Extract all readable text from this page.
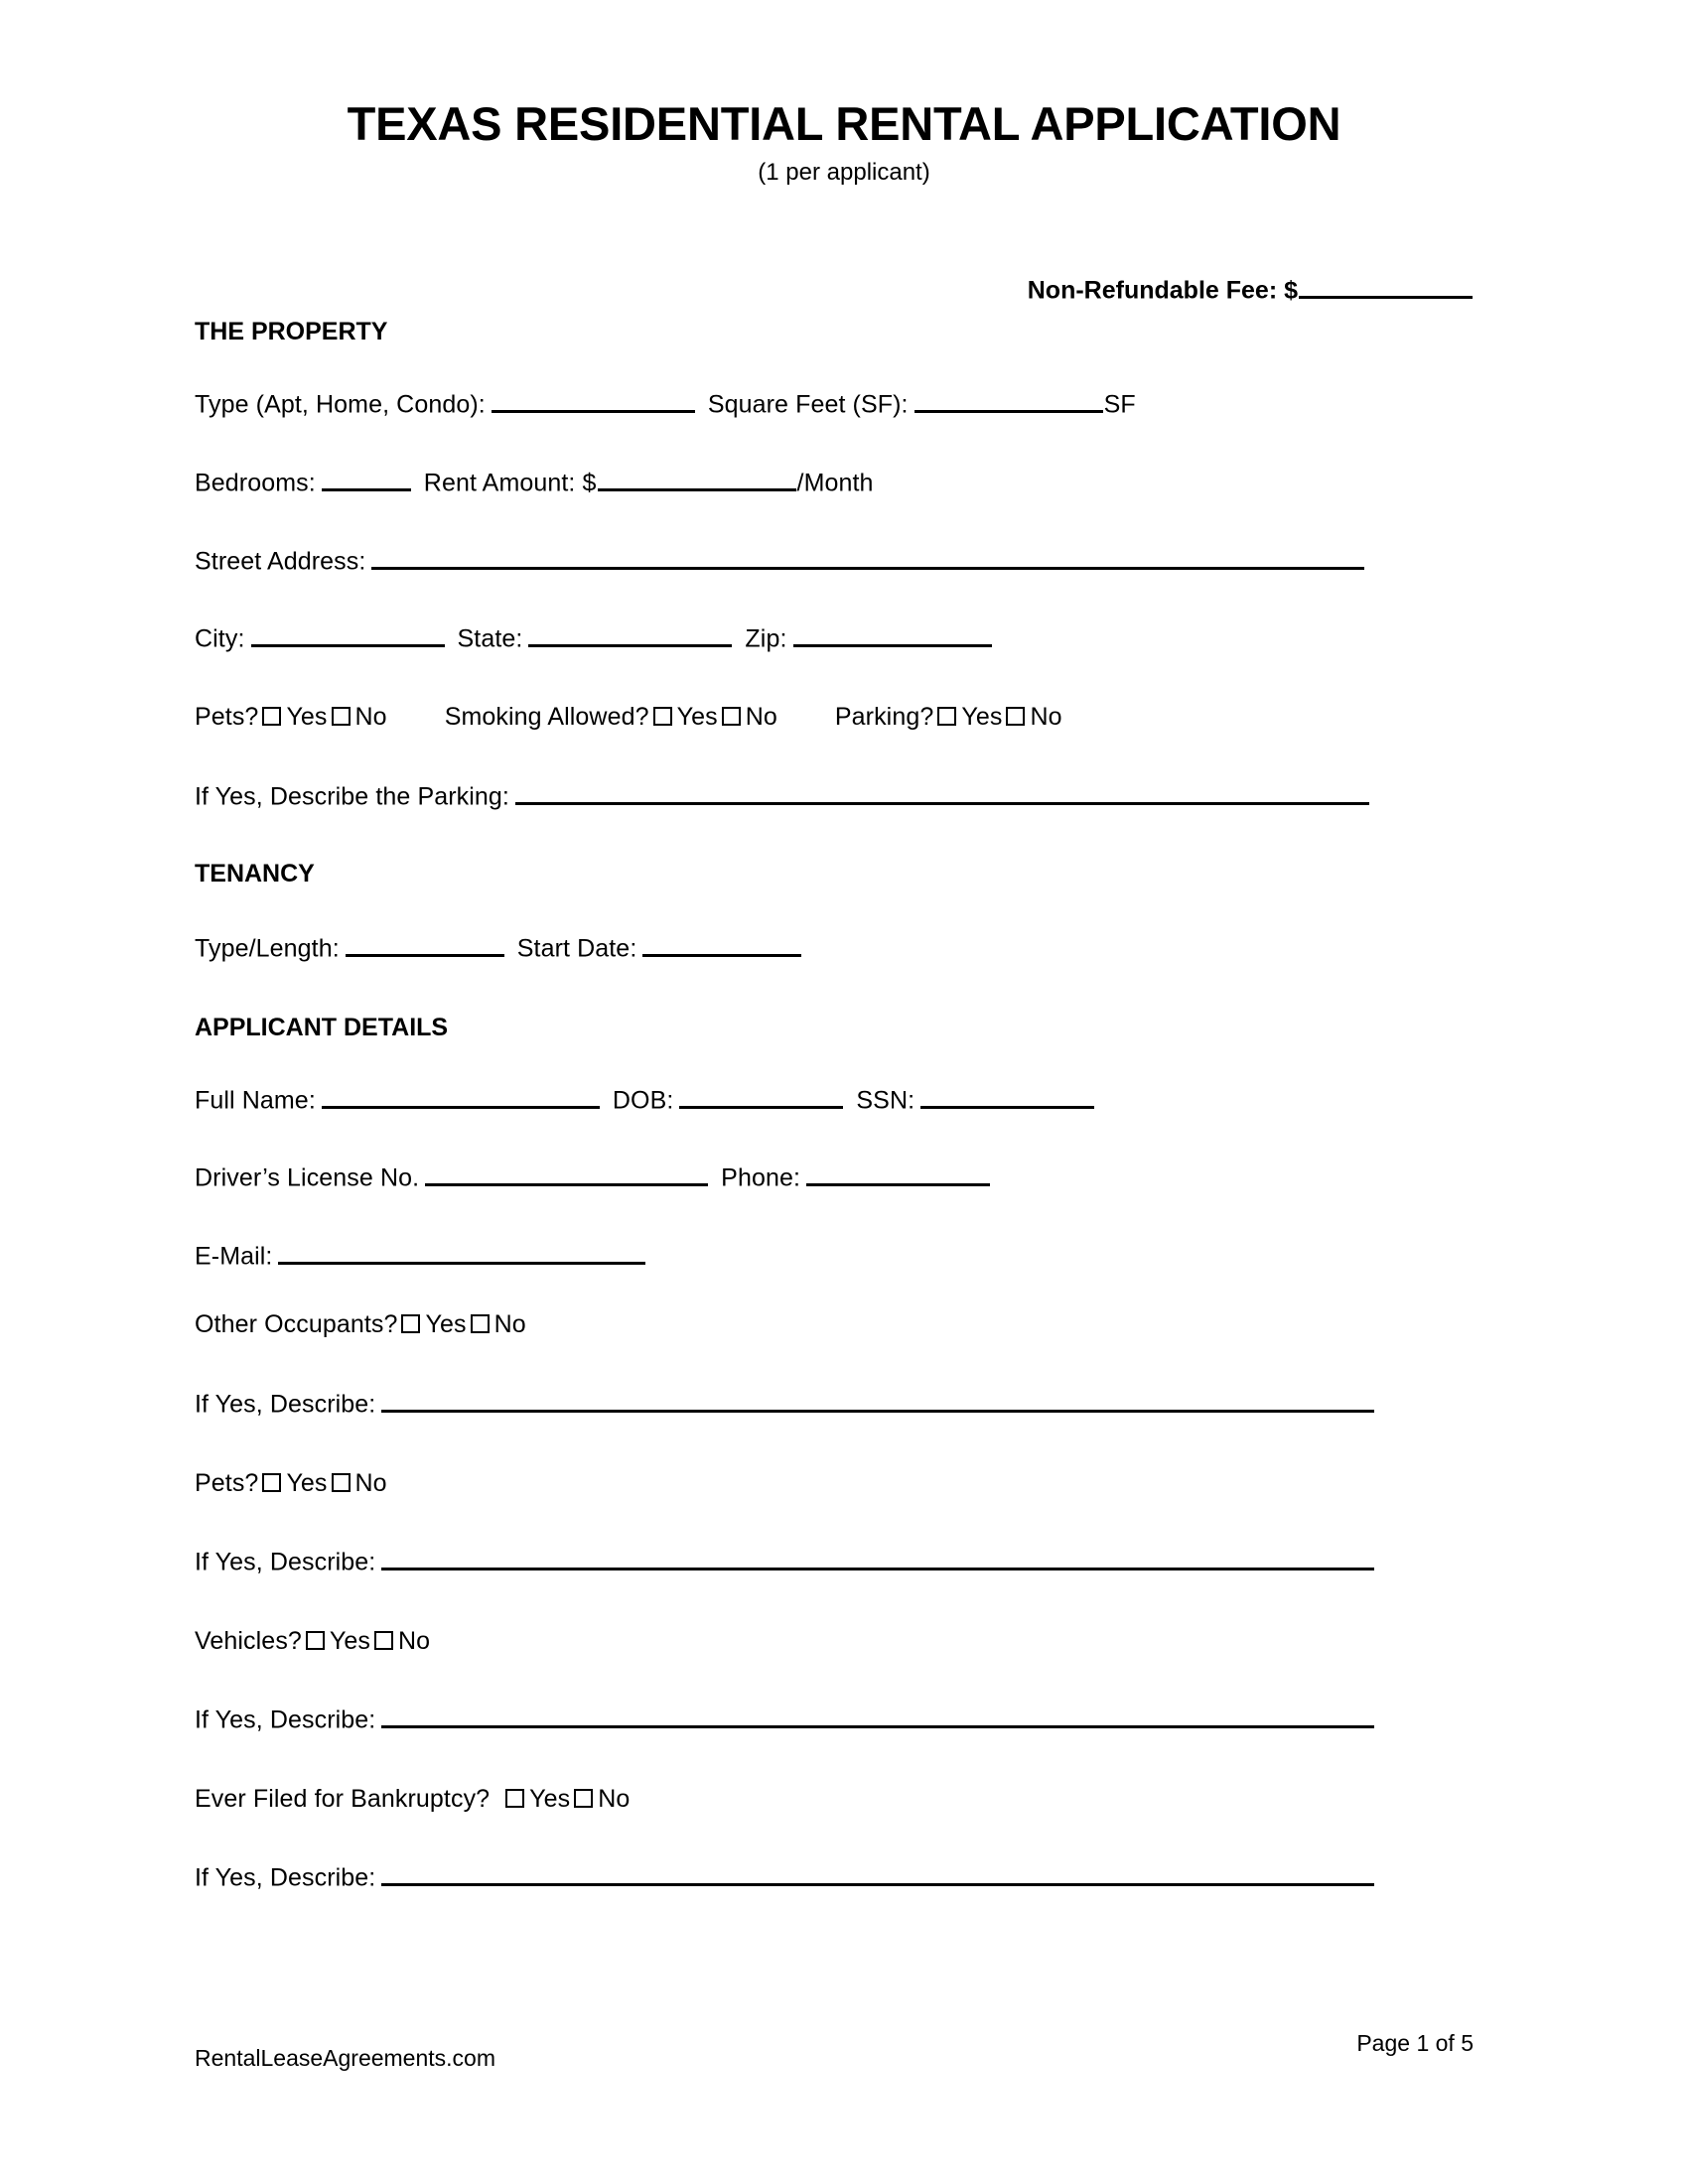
TEXAS RESIDENTIAL RENTAL APPLICATION
(1 per applicant)
Non-Refundable Fee: $
THE PROPERTY
Type (Apt, Home, Condo):	Square Feet (SF):	SF
Bedrooms:	Rent Amount: $	/Month
Street Address:
City:	State:	Zip:
Pets? Yes No Smoking Allowed? Yes No Parking? Yes No
If Yes, Describe the Parking:
TENANCY
Type/Length:	Start Date:
APPLICANT DETAILS
Full Name:	DOB:	SSN:
Driver’s License No.	Phone:
E-Mail:
Other Occupants? Yes No
If Yes, Describe:
Pets? Yes No
If Yes, Describe:
Vehicles? Yes No
If Yes, Describe:
Ever Filed for Bankruptcy? Yes No
If Yes, Describe:
RentalLeaseAgreements.com
Page 1 of 5
